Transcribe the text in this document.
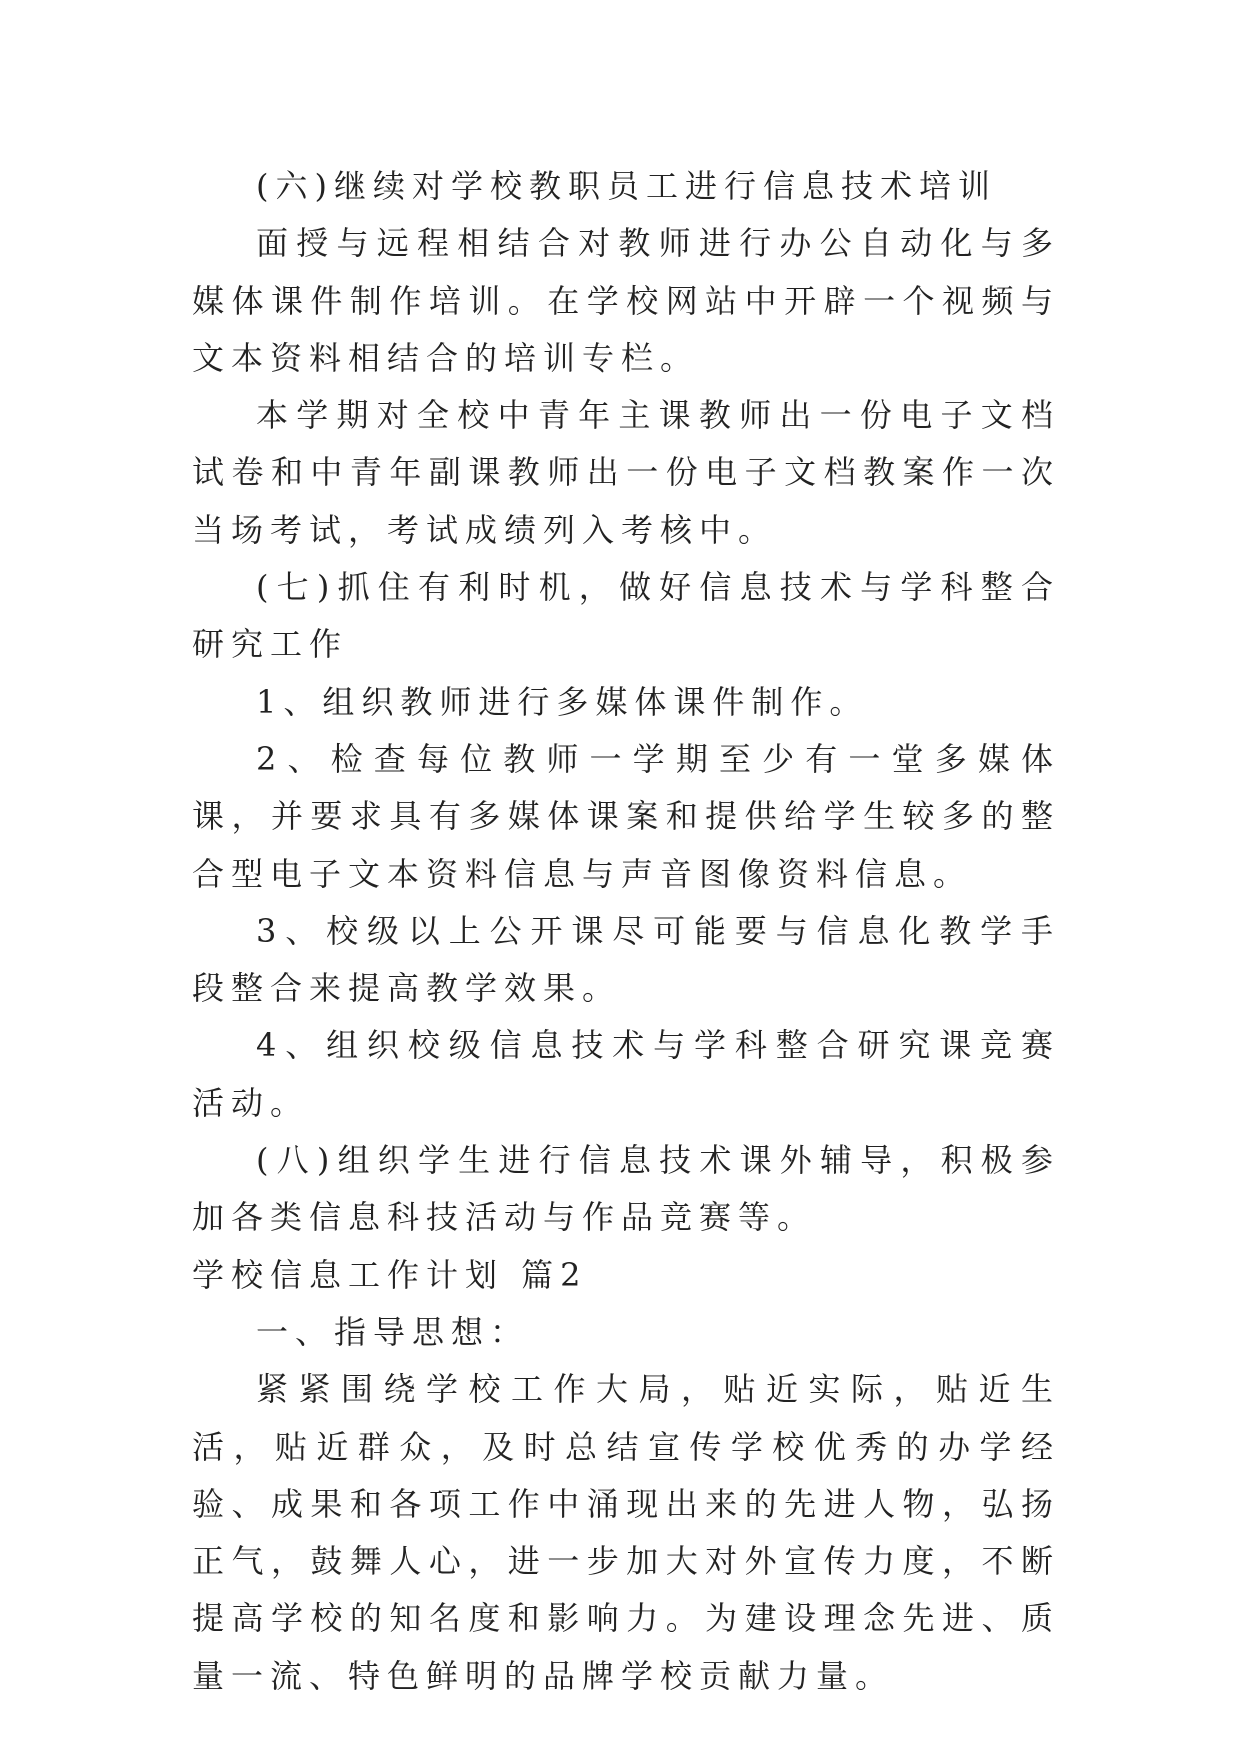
(六)继续对学校教职员工进行信息技术培训

面授与远程相结合对教师进行办公自动化与多媒体课件制作培训。在学校网站中开辟一个视频与文本资料相结合的培训专栏。

本学期对全校中青年主课教师出一份电子文档试卷和中青年副课教师出一份电子文档教案作一次当场考试，考试成绩列入考核中。

(七)抓住有利时机，做好信息技术与学科整合研究工作

1、组织教师进行多媒体课件制作。

2、检查每位教师一学期至少有一堂多媒体课，并要求具有多媒体课案和提供给学生较多的整合型电子文本资料信息与声音图像资料信息。

3、校级以上公开课尽可能要与信息化教学手段整合来提高教学效果。

4、组织校级信息技术与学科整合研究课竞赛活动。

(八)组织学生进行信息技术课外辅导，积极参加各类信息科技活动与作品竞赛等。

学校信息工作计划 篇2

一、指导思想：

紧紧围绕学校工作大局，贴近实际，贴近生活，贴近群众，及时总结宣传学校优秀的办学经验、成果和各项工作中涌现出来的先进人物，弘扬正气，鼓舞人心，进一步加大对外宣传力度，不断提高学校的知名度和影响力。为建设理念先进、质量一流、特色鲜明的品牌学校贡献力量。
